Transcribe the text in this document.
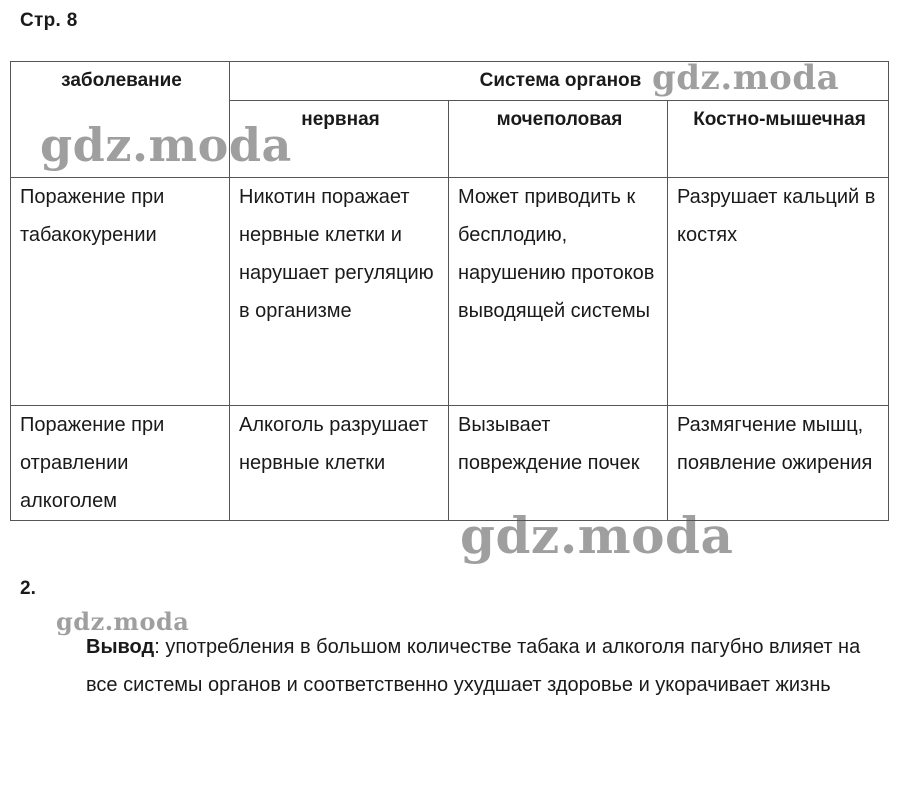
Стр. 8
заболевание	Система органов		
	нервная	мочеполовая	Костно-мышечная
Поражение при табакокурении	Никотин поражает нервные клетки и нарушает регуляцию в организме	Может приводить к бесплодию, нарушению протоков выводящей системы	Разрушает кальций в костях
Поражение при отравлении алкоголем	Алкоголь разрушает нервные клетки	Вызывает повреждение почек	Размягчение мышц, появление ожирения
gdz.moda
gdz.moda
gdz.moda
gdz.moda
2.
Вывод: употребления в большом количестве табака и алкоголя пагубно влияет на все системы органов и соответственно ухудшает здоровье и укорачивает жизнь
